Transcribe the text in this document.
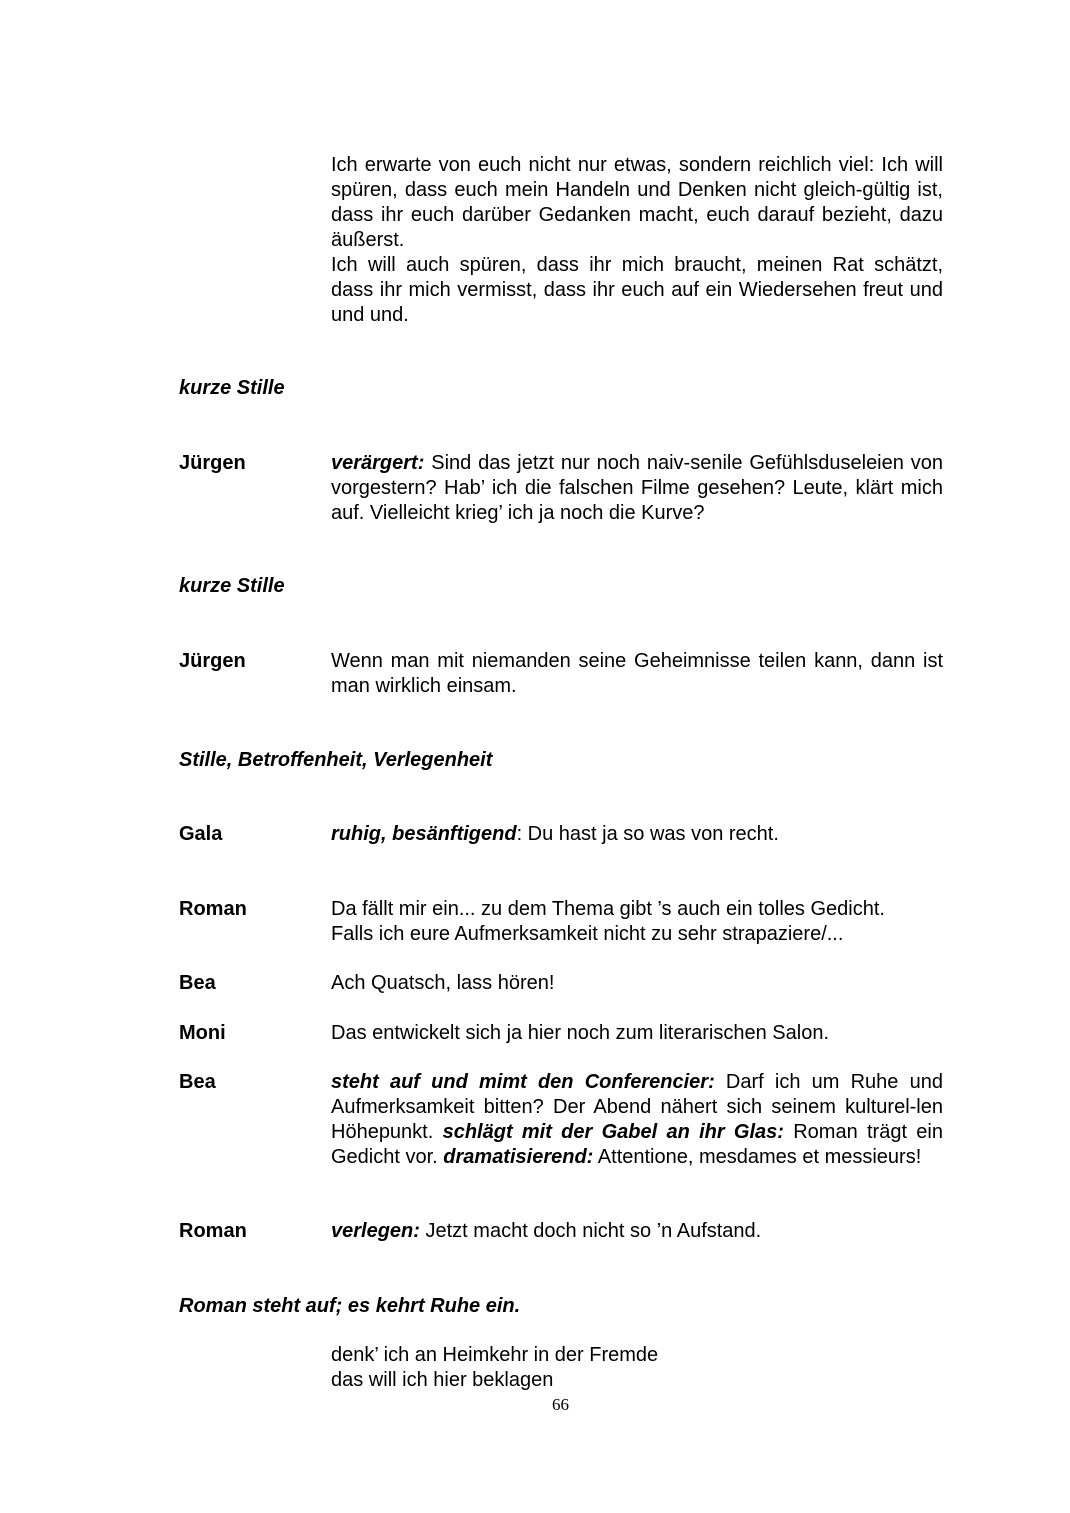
Ich erwarte von euch nicht nur etwas, sondern reichlich viel: Ich will spüren, dass euch mein Handeln und Denken nicht gleich-gültig ist, dass ihr euch darüber Gedanken macht, euch darauf bezieht, dazu äußerst.

Ich will auch spüren, dass ihr mich braucht, meinen Rat schätzt, dass ihr mich vermisst, dass ihr euch auf ein Wiedersehen freut und und und.

kurze Stille
Jürgen	verärgert: Sind das jetzt nur noch naiv-senile Gefühlsduseleien von vorgestern? Hab’ ich die falschen Filme gesehen? Leute, klärt mich auf. Vielleicht krieg’ ich ja noch die Kurve?
kurze Stille
Jürgen	Wenn man mit niemanden seine Geheimnisse teilen kann, dann ist man wirklich einsam.
Stille, Betroffenheit, Verlegenheit
Gala	ruhig, besänftigend: Du hast ja so was von recht.
Roman	Da fällt mir ein... zu dem Thema gibt ’s auch ein tolles Gedicht.

Falls ich eure Aufmerksamkeit nicht zu sehr strapaziere/...

Bea	Ach Quatsch, lass hören!
Moni	Das entwickelt sich ja hier noch zum literarischen Salon.
Bea	steht auf und mimt den Conferencier: Darf ich um Ruhe und Aufmerksamkeit bitten? Der Abend nähert sich seinem kulturel-len Höhepunkt. schlägt mit der Gabel an ihr Glas: Roman trägt ein Gedicht vor. dramatisierend: Attentione, mesdames et messieurs!
Roman	verlegen: Jetzt macht doch nicht so ’n Aufstand.
Roman steht auf; es kehrt Ruhe ein.

denk’ ich an Heimkehr in der Fremde

das will ich hier beklagen

66
